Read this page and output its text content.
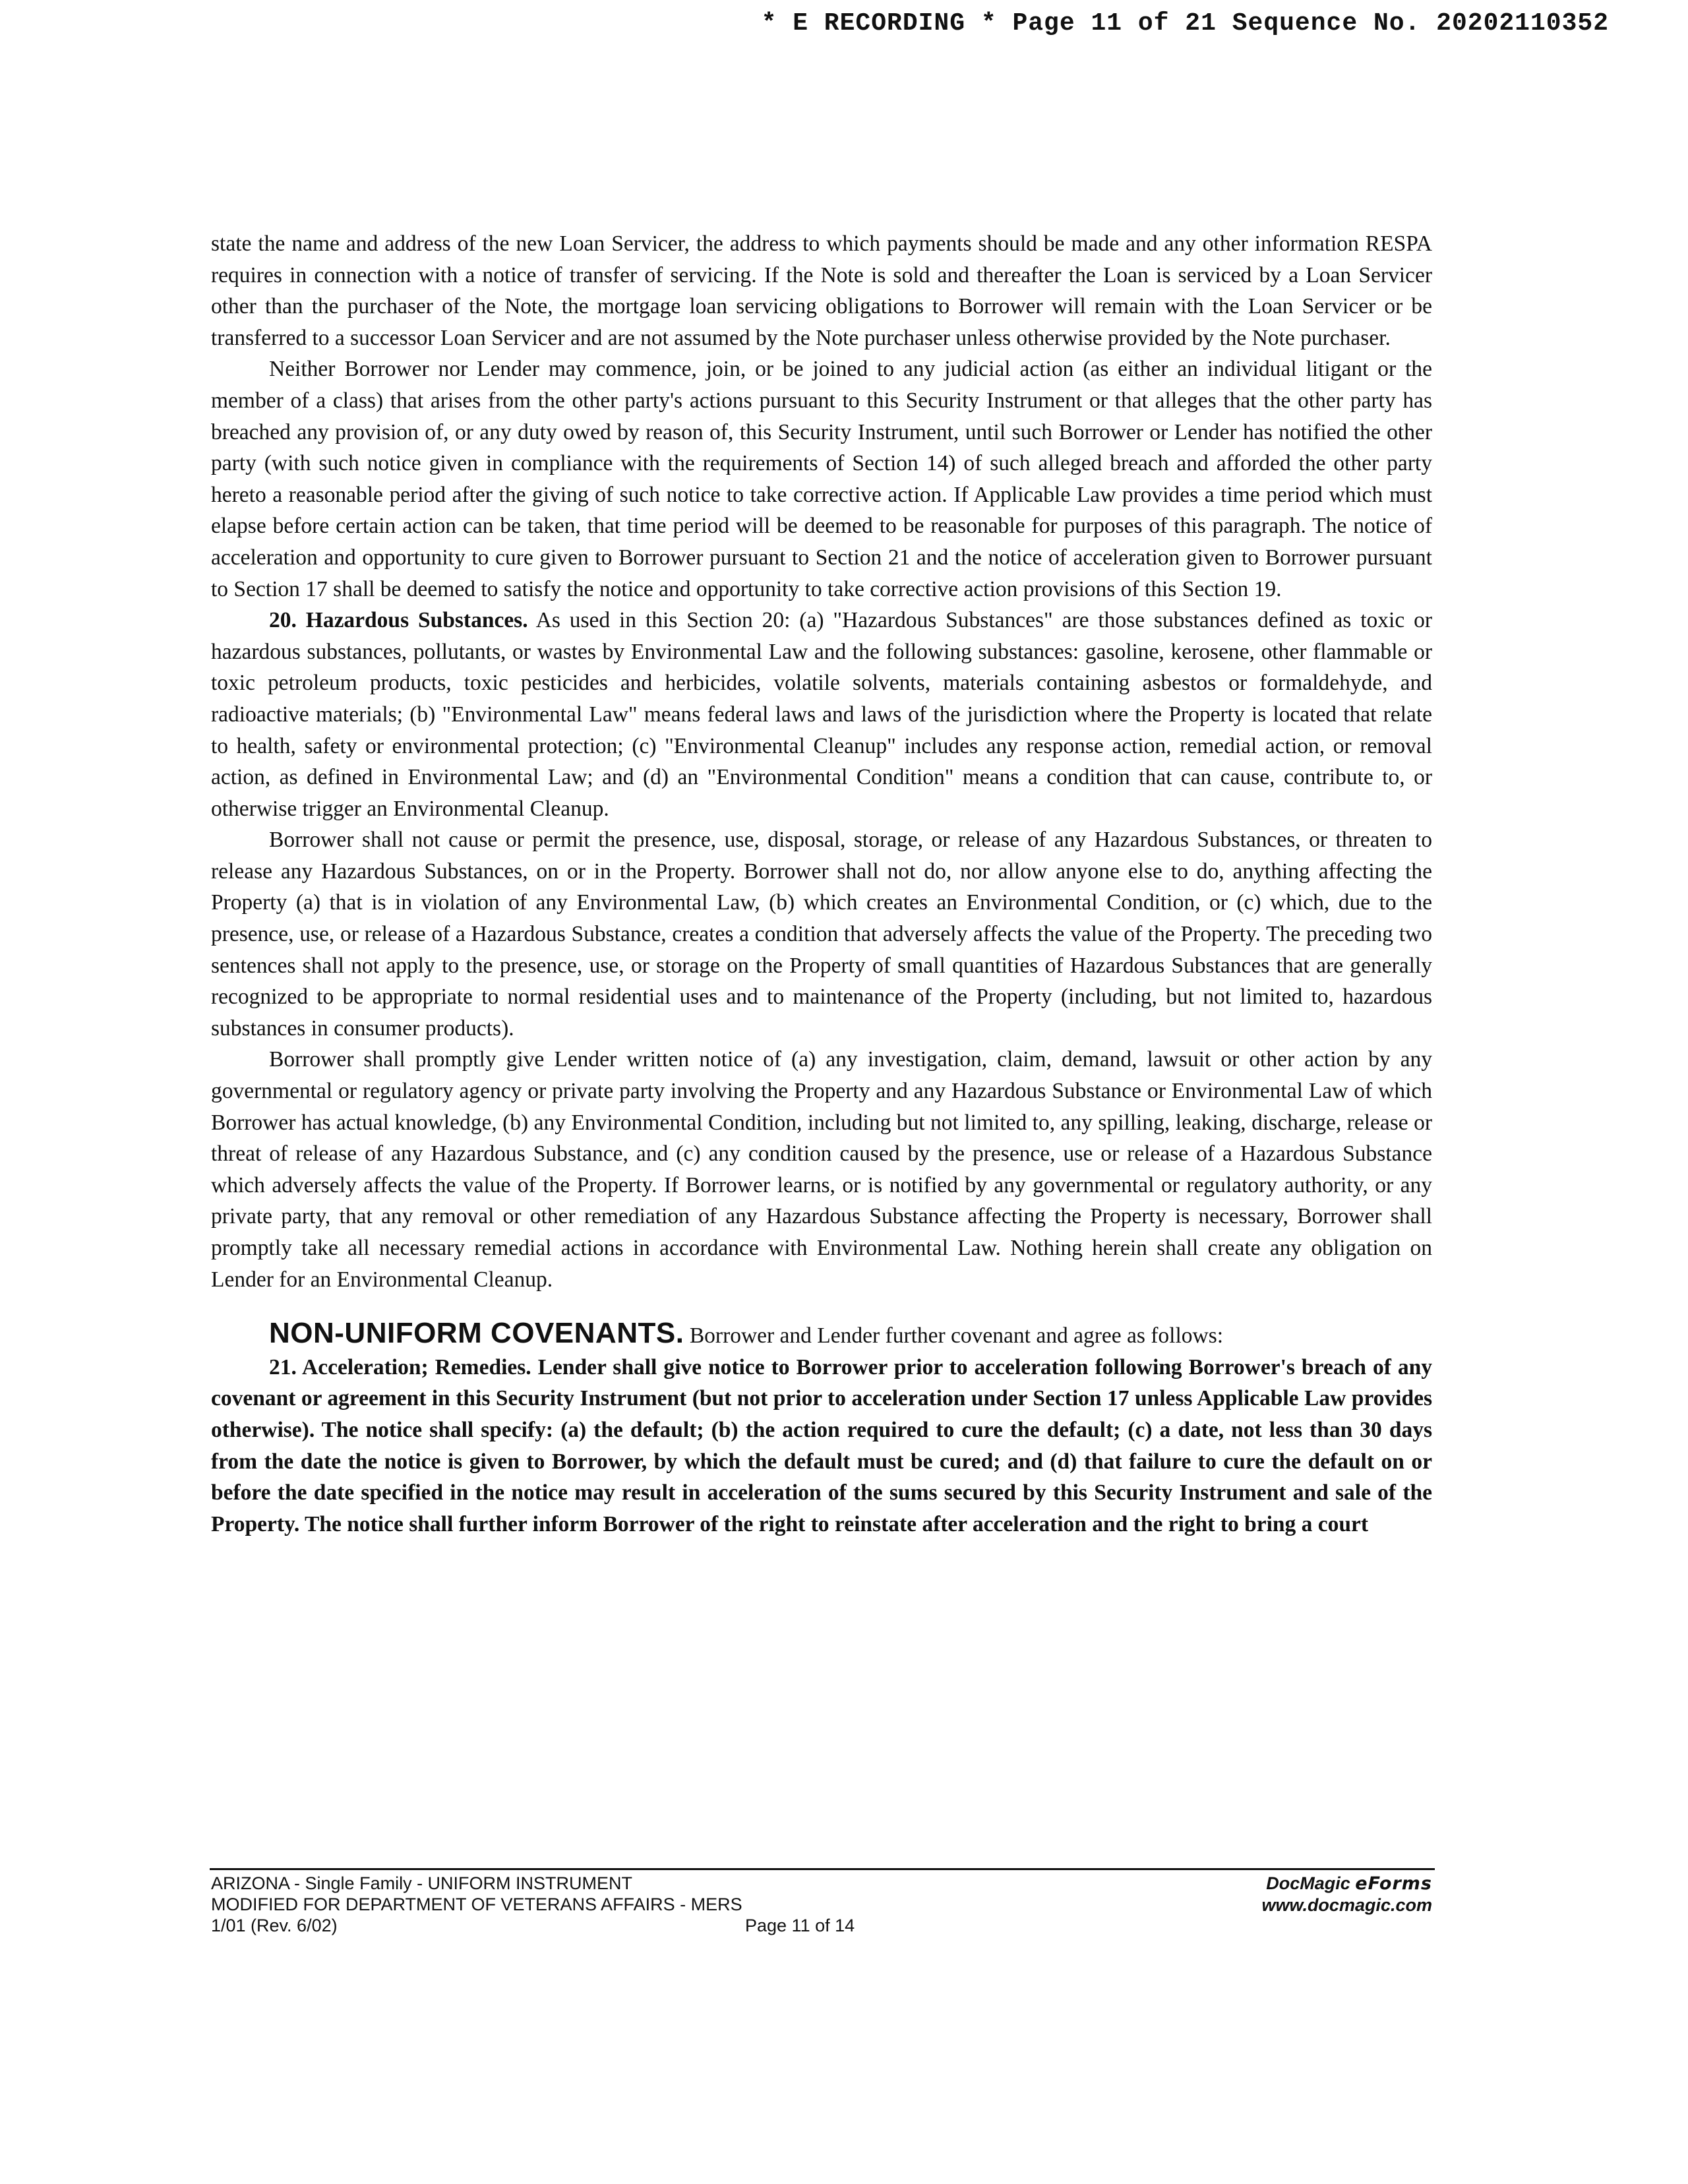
* E RECORDING * Page 11 of 21 Sequence No. 20202110352

state the name and address of the new Loan Servicer, the address to which payments should be made and any other information RESPA requires in connection with a notice of transfer of servicing. If the Note is sold and thereafter the Loan is serviced by a Loan Servicer other than the purchaser of the Note, the mortgage loan servicing obligations to Borrower will remain with the Loan Servicer or be transferred to a successor Loan Servicer and are not assumed by the Note purchaser unless otherwise provided by the Note purchaser.

Neither Borrower nor Lender may commence, join, or be joined to any judicial action (as either an individual litigant or the member of a class) that arises from the other party's actions pursuant to this Security Instrument or that alleges that the other party has breached any provision of, or any duty owed by reason of, this Security Instrument, until such Borrower or Lender has notified the other party (with such notice given in compliance with the requirements of Section 14) of such alleged breach and afforded the other party hereto a reasonable period after the giving of such notice to take corrective action. If Applicable Law provides a time period which must elapse before certain action can be taken, that time period will be deemed to be reasonable for purposes of this paragraph. The notice of acceleration and opportunity to cure given to Borrower pursuant to Section 21 and the notice of acceleration given to Borrower pursuant to Section 17 shall be deemed to satisfy the notice and opportunity to take corrective action provisions of this Section 19.

20. Hazardous Substances. As used in this Section 20: (a) "Hazardous Substances" are those substances defined as toxic or hazardous substances, pollutants, or wastes by Environmental Law and the following substances: gasoline, kerosene, other flammable or toxic petroleum products, toxic pesticides and herbicides, volatile solvents, materials containing asbestos or formaldehyde, and radioactive materials; (b) "Environmental Law" means federal laws and laws of the jurisdiction where the Property is located that relate to health, safety or environmental protection; (c) "Environmental Cleanup" includes any response action, remedial action, or removal action, as defined in Environmental Law; and (d) an "Environmental Condition" means a condition that can cause, contribute to, or otherwise trigger an Environmental Cleanup.

Borrower shall not cause or permit the presence, use, disposal, storage, or release of any Hazardous Substances, or threaten to release any Hazardous Substances, on or in the Property. Borrower shall not do, nor allow anyone else to do, anything affecting the Property (a) that is in violation of any Environmental Law, (b) which creates an Environmental Condition, or (c) which, due to the presence, use, or release of a Hazardous Substance, creates a condition that adversely affects the value of the Property. The preceding two sentences shall not apply to the presence, use, or storage on the Property of small quantities of Hazardous Substances that are generally recognized to be appropriate to normal residential uses and to maintenance of the Property (including, but not limited to, hazardous substances in consumer products).

Borrower shall promptly give Lender written notice of (a) any investigation, claim, demand, lawsuit or other action by any governmental or regulatory agency or private party involving the Property and any Hazardous Substance or Environmental Law of which Borrower has actual knowledge, (b) any Environmental Condition, including but not limited to, any spilling, leaking, discharge, release or threat of release of any Hazardous Substance, and (c) any condition caused by the presence, use or release of a Hazardous Substance which adversely affects the value of the Property. If Borrower learns, or is notified by any governmental or regulatory authority, or any private party, that any removal or other remediation of any Hazardous Substance affecting the Property is necessary, Borrower shall promptly take all necessary remedial actions in accordance with Environmental Law. Nothing herein shall create any obligation on Lender for an Environmental Cleanup.

NON-UNIFORM COVENANTS. Borrower and Lender further covenant and agree as follows:

21. Acceleration; Remedies. Lender shall give notice to Borrower prior to acceleration following Borrower's breach of any covenant or agreement in this Security Instrument (but not prior to acceleration under Section 17 unless Applicable Law provides otherwise). The notice shall specify: (a) the default; (b) the action required to cure the default; (c) a date, not less than 30 days from the date the notice is given to Borrower, by which the default must be cured; and (d) that failure to cure the default on or before the date specified in the notice may result in acceleration of the sums secured by this Security Instrument and sale of the Property. The notice shall further inform Borrower of the right to reinstate after acceleration and the right to bring a court

ARIZONA - Single Family - UNIFORM INSTRUMENT
MODIFIED FOR DEPARTMENT OF VETERANS AFFAIRS - MERS
1/01 (Rev. 6/02)	Page 11 of 14
DocMagic eForms
www.docmagic.com
